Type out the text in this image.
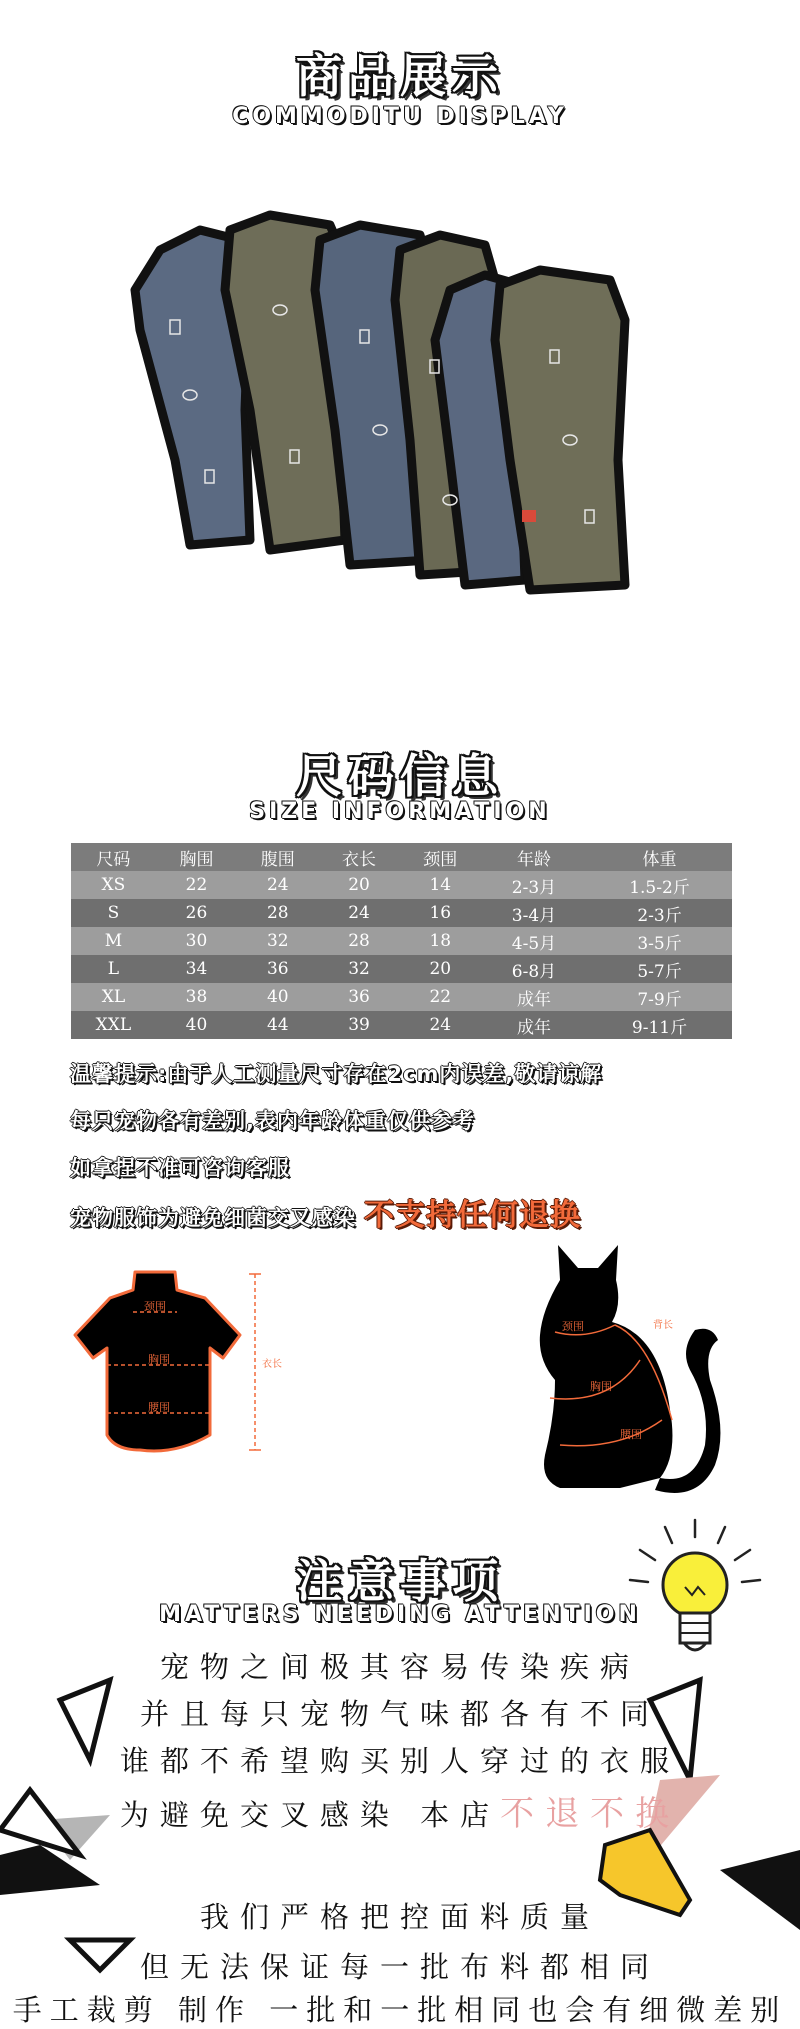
商品展示
COMMODITU DISPLAY
尺码信息
SIZE INFORMATION
尺码	胸围	腹围	衣长	颈围	年龄	体重
XS	22	24	20	14	2-3月	1.5-2斤
S	26	28	24	16	3-4月	2-3斤
M	30	32	28	18	4-5月	3-5斤
L	34	36	32	20	6-8月	5-7斤
XL	38	40	36	22	成年	7-9斤
XXL	40	44	39	24	成年	9-11斤
温馨提示:由于人工测量尺寸存在2cm内误差,敬请谅解
每只宠物各有差别,表内年龄体重仅供参考
如拿捏不准可咨询客服
宠物服饰为避免细菌交叉感染 不支持任何退换
颈围
胸围
腰围
衣长
颈围	背长
胸围
腰围
注意事项
MATTERS NEEDING ATTENTION
宠物之间极其容易传染疾病
并且每只宠物气味都各有不同
谁都不希望购买别人穿过的衣服
为避免交叉感染 本店不退不换
我们严格把控面料质量
但无法保证每一批布料都相同
手工裁剪 制作 一批和一批相同也会有细微差别
